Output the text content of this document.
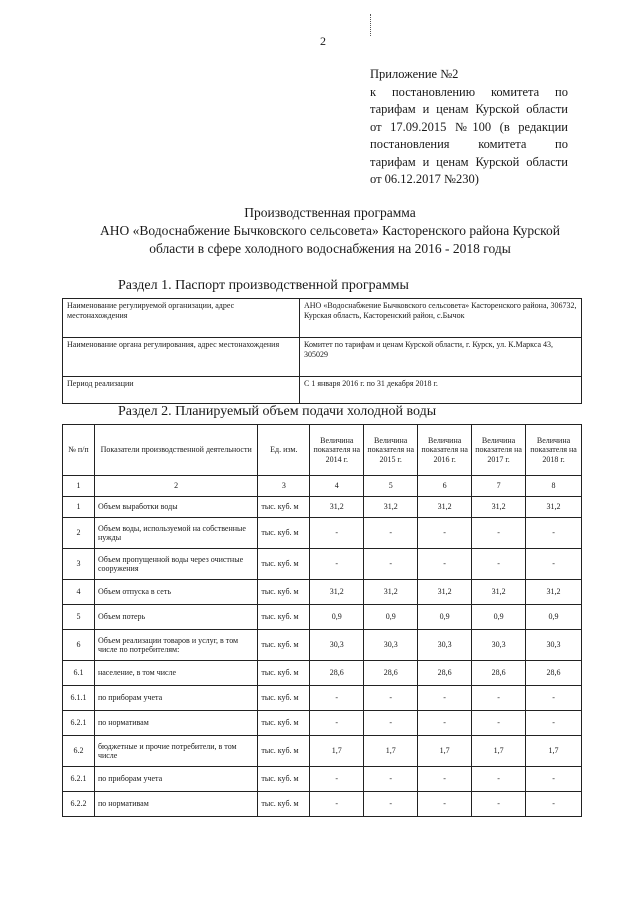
2
Приложение №2
к постановлению комитета по
тарифам и ценам Курской области
от 17.09.2015 №100 (в редакции
постановления комитета по
тарифам и ценам Курской области
от 06.12.2017 №230)
Производственная программа
АНО «Водоснабжение Бычковского сельсовета» Касторенского района Курской
области в сфере холодного водоснабжения на 2016 - 2018 годы
Раздел 1. Паспорт производственной программы
Наименование регулируемой организации, адрес местонахождения	АНО «Водоснабжение Бычковского сельсовета» Касторенского района, 306732, Курская область, Касторенский район, с.Бычок
Наименование органа регулирования, адрес местонахождения	Комитет по тарифам и ценам Курской области, г. Курск, ул. К.Маркса 43, 305029
Период реализации	С 1 января 2016 г. по 31 декабря 2018 г.
Раздел 2. Планируемый объем подачи холодной воды
№ п/п	Показатели производственной деятельности	Ед. изм.	Величина показателя на 2014 г.	Величина показателя на 2015 г.	Величина показателя на 2016 г.	Величина показателя на 2017 г.	Величина показателя на 2018 г.
1	2	3	4	5	6	7	8
1	Объем выработки воды	тыс. куб. м	31,2	31,2	31,2	31,2	31,2
2	Объем воды, используемой на собственные нужды	тыс. куб. м	-	-	-	-	-
3	Объем пропущенной воды через очистные сооружения	тыс. куб. м	-	-	-	-	-
4	Объем отпуска в сеть	тыс. куб. м	31,2	31,2	31,2	31,2	31,2
5	Объем потерь	тыс. куб. м	0,9	0,9	0,9	0,9	0,9
6	Объем реализации товаров и услуг, в том числе по потребителям:	тыс. куб. м	30,3	30,3	30,3	30,3	30,3
6.1	население, в том числе	тыс. куб. м	28,6	28,6	28,6	28,6	28,6
6.1.1	по приборам учета	тыс. куб. м	-	-	-	-	-
6.2.1	по нормативам	тыс. куб. м	-	-	-	-	-
6.2	бюджетные и прочие потребители, в том числе	тыс. куб. м	1,7	1,7	1,7	1,7	1,7
6.2.1	по приборам учета	тыс. куб. м	-	-	-	-	-
6.2.2	по нормативам	тыс. куб. м	-	-	-	-	-
